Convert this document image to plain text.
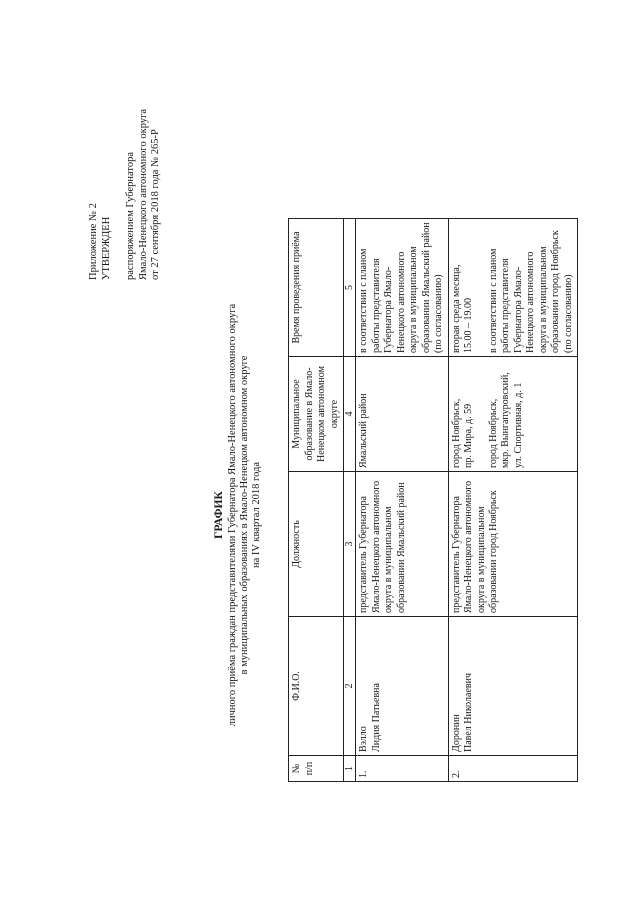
Приложение № 2 УТВЕРЖДЕН распоряжением Губернатора Ямало-Ненецкого автономного округа от 27 сентября 2018 года № 265-Р
ГРАФИК личного приёма граждан представителями Губернатора Ямало-Ненецкого автономного округа в муниципальных образованиях в Ямало-Ненецком автономном округе на IV квартал 2018 года
№ п/п	Ф.И.О.	Должность	Муниципальное образование в Ямало-Ненецком автономном округе	Время проведения приёма
1	2	3	4	5
1.	Вэлло Лидия Патьевна	представитель Губернатора Ямало-Ненецкого автономного округа в муниципальном образовании Ямальский район	Ямальский район	в соответствии с планом работы представителя Губернатора Ямало-Ненецкого автономного округа в муниципальном образовании Ямальский район (по согласованию)

2.	Доронин Павел Николаевич	представитель Губернатора Ямало-Ненецкого автономного округа в муниципальном образовании город Ноябрьск	город Ноябрьск, пр. Мира, д. 59 город Ноябрьск, мкр. Вынгапуровский, ул. Спортивная, д. 1	вторая среда месяца, 15.00 – 19.00 в соответствии с планом работы представителя Губернатора Ямало-Ненецкого автономного округа в муниципальном образовании город Ноябрьск (по согласованию)
